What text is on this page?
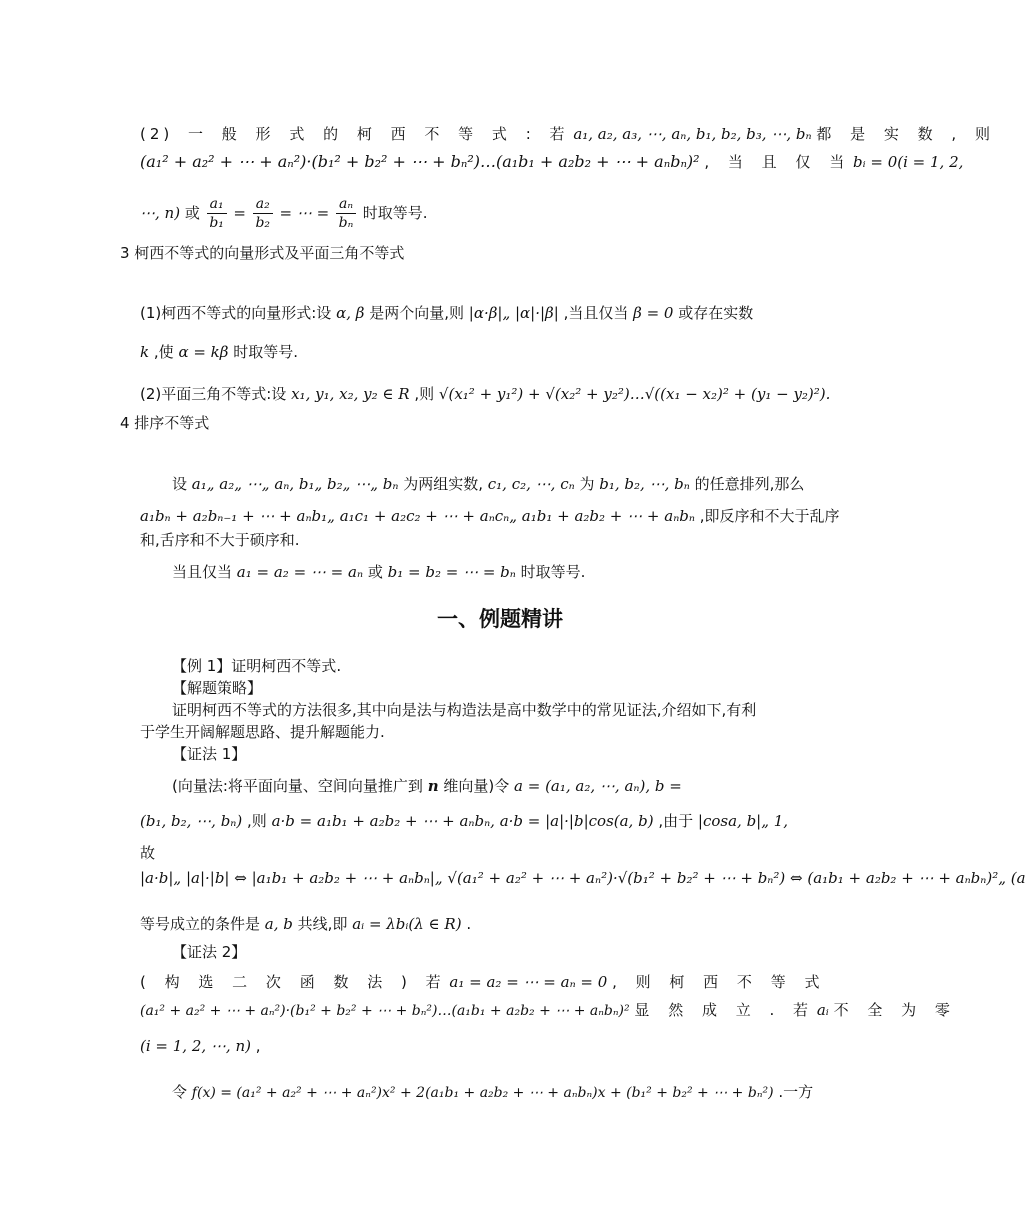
(2) 一 般 形 式 的 柯 西 不 等 式 : 若 a₁, a₂, a₃, ⋯, aₙ, b₁, b₂, b₃, ⋯, bₙ 都 是 实 数 , 则
(a₁² + a₂² + ⋯ + aₙ²)·(b₁² + b₂² + ⋯ + bₙ²)…(a₁b₁ + a₂b₂ + ⋯ + aₙbₙ)² , 当 且 仅 当 bᵢ = 0(i = 1, 2,
⋯, n) 或 $\frac{\text{a₁}}{\text{b₁}} = \frac{\text{a₂}}{\text{b₂}}$ = ⋯ = $\frac{\text{aₙ}}{\text{bₙ}}$ 时取等号.
3 柯西不等式的向量形式及平面三角不等式
(1)柯西不等式的向量形式:设 α, β 是两个向量,则 |α·β|„ |α|·|β| ,当且仅当 β = 0 或存在实数
k ,使 α = kβ 时取等号.
(2)平面三角不等式:设 x₁, y₁, x₂, y₂ ∈ R ,则 √(x₁² + y₁²) + √(x₂² + y₂²)…√((x₁ − x₂)² + (y₁ − y₂)²).
4 排序不等式
设 a₁„ a₂„ ⋯„ aₙ, b₁„ b₂„ ⋯„ bₙ 为两组实数, c₁, c₂, ⋯, cₙ 为 b₁, b₂, ⋯, bₙ 的任意排列,那么
a₁bₙ + a₂bₙ₋₁ + ⋯ + aₙb₁„ a₁c₁ + a₂c₂ + ⋯ + aₙcₙ„ a₁b₁ + a₂b₂ + ⋯ + aₙbₙ ,即反序和不大于乱序
和,舌序和不大于硕序和.
当且仅当 a₁ = a₂ = ⋯ = aₙ 或 b₁ = b₂ = ⋯ = bₙ 时取等号.
一、例题精讲
【例 1】证明柯西不等式.
【解题策略】
证明柯西不等式的方法很多,其中向是法与构造法是高中数学中的常见证法,介绍如下,有利
于学生开阔解题思路、提升解题能力.
【证法 1】
(向量法:将平面向量、空间向量推广到 n 维向量)令 a = (a₁, a₂, ⋯, aₙ), b =
(b₁, b₂, ⋯, bₙ) ,则 a·b = a₁b₁ + a₂b₂ + ⋯ + aₙbₙ, a·b = |a|·|b|cos(a, b) ,由于 |cosa, b|„ 1,
故
|a·b|„ |a|·|b| ⇔ |a₁b₁ + a₂b₂ + ⋯ + aₙbₙ|„ √(a₁² + a₂² + ⋯ + aₙ²)·√(b₁² + b₂² + ⋯ + bₙ²) ⇔ (a₁b₁ + a₂b₂ + ⋯ + aₙbₙ)²„ (a
等号成立的条件是 a, b 共线,即 aᵢ = λbᵢ(λ ∈ R) .
【证法 2】
( 构 选 二 次 函 数 法 ) 若 a₁ = a₂ = ⋯ = aₙ = 0 , 则 柯 西 不 等 式
(a₁² + a₂² + ⋯ + aₙ²)·(b₁² + b₂² + ⋯ + bₙ²)…(a₁b₁ + a₂b₂ + ⋯ + aₙbₙ)² 显 然 成 立 . 若 aᵢ 不 全 为 零
(i = 1, 2, ⋯, n) ,
令 f(x) = (a₁² + a₂² + ⋯ + aₙ²)x² + 2(a₁b₁ + a₂b₂ + ⋯ + aₙbₙ)x + (b₁² + b₂² + ⋯ + bₙ²) .一方
